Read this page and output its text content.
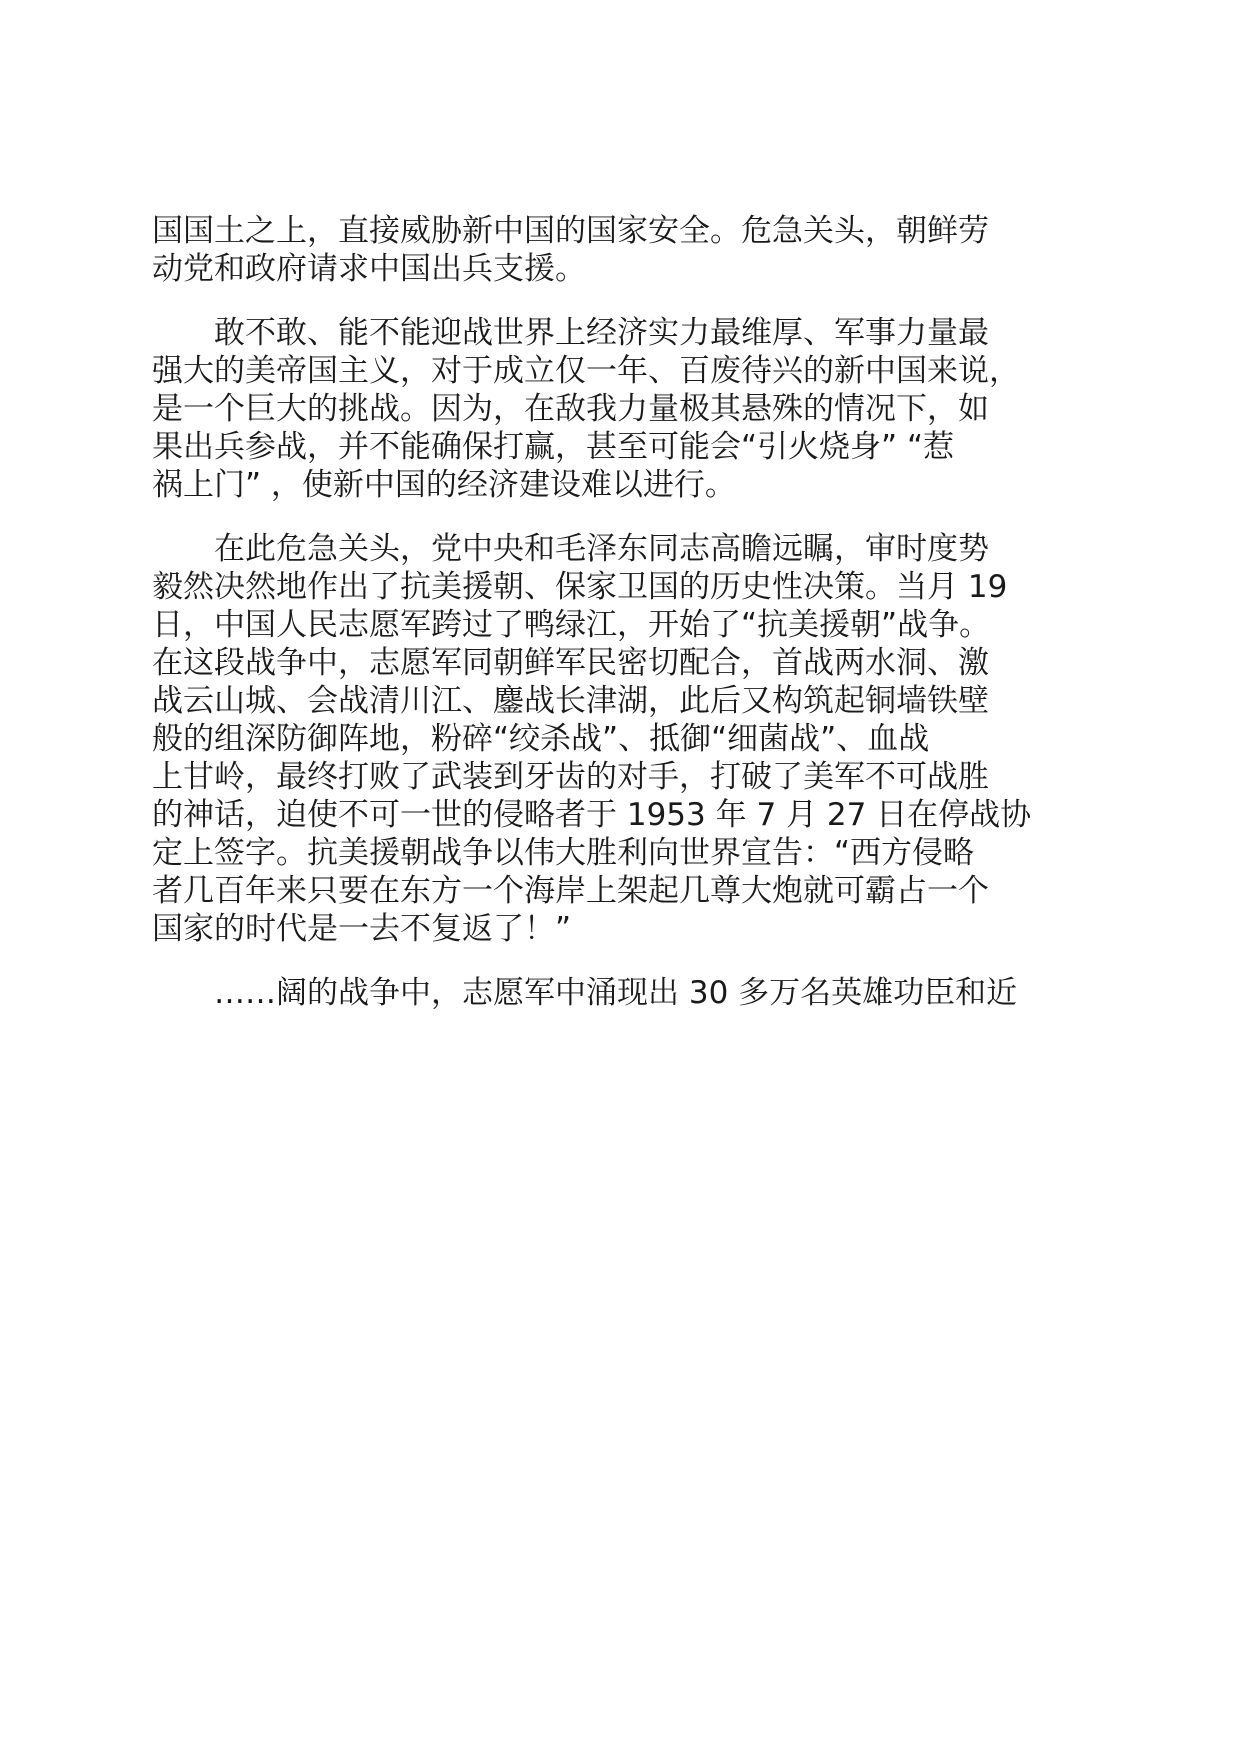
国国土之上，直接威胁新中国的国家安全。危急关头，朝鲜劳
动党和政府请求中国出兵支援。
　　敢不敢、能不能迎战世界上经济实力最维厚、军事力量最
强大的美帝国主义，对于成立仅一年、百废待兴的新中国来说，
是一个巨大的挑战。因为，在敌我力量极其悬殊的情况下，如
果出兵参战，并不能确保打赢，甚至可能会“引火烧身” “惹
祸上门” ，使新中国的经济建设难以进行。
　　在此危急关头，党中央和毛泽东同志高瞻远瞩，审时度势
毅然决然地作出了抗美援朝、保家卫国的历史性决策。当月 19
日，中国人民志愿军跨过了鸭绿江，开始了“抗美援朝”战争。
在这段战争中，志愿军同朝鲜军民密切配合，首战两水洞、激
战云山城、会战清川江、鏖战长津湖，此后又构筑起铜墙铁壁
般的组深防御阵地，粉碎“绞杀战”、抵御“细菌战”、血战
上甘岭，最终打败了武装到牙齿的对手，打破了美军不可战胜
的神话，迫使不可一世的侵略者于 1953 年 7 月 27 日在停战协
定上签字。抗美援朝战争以伟大胜利向世界宣告：“西方侵略
者几百年来只要在东方一个海岸上架起几尊大炮就可霸占一个
国家的时代是一去不复返了！”
　　……阔的战争中，志愿军中涌现出 30 多万名英雄功臣和近
